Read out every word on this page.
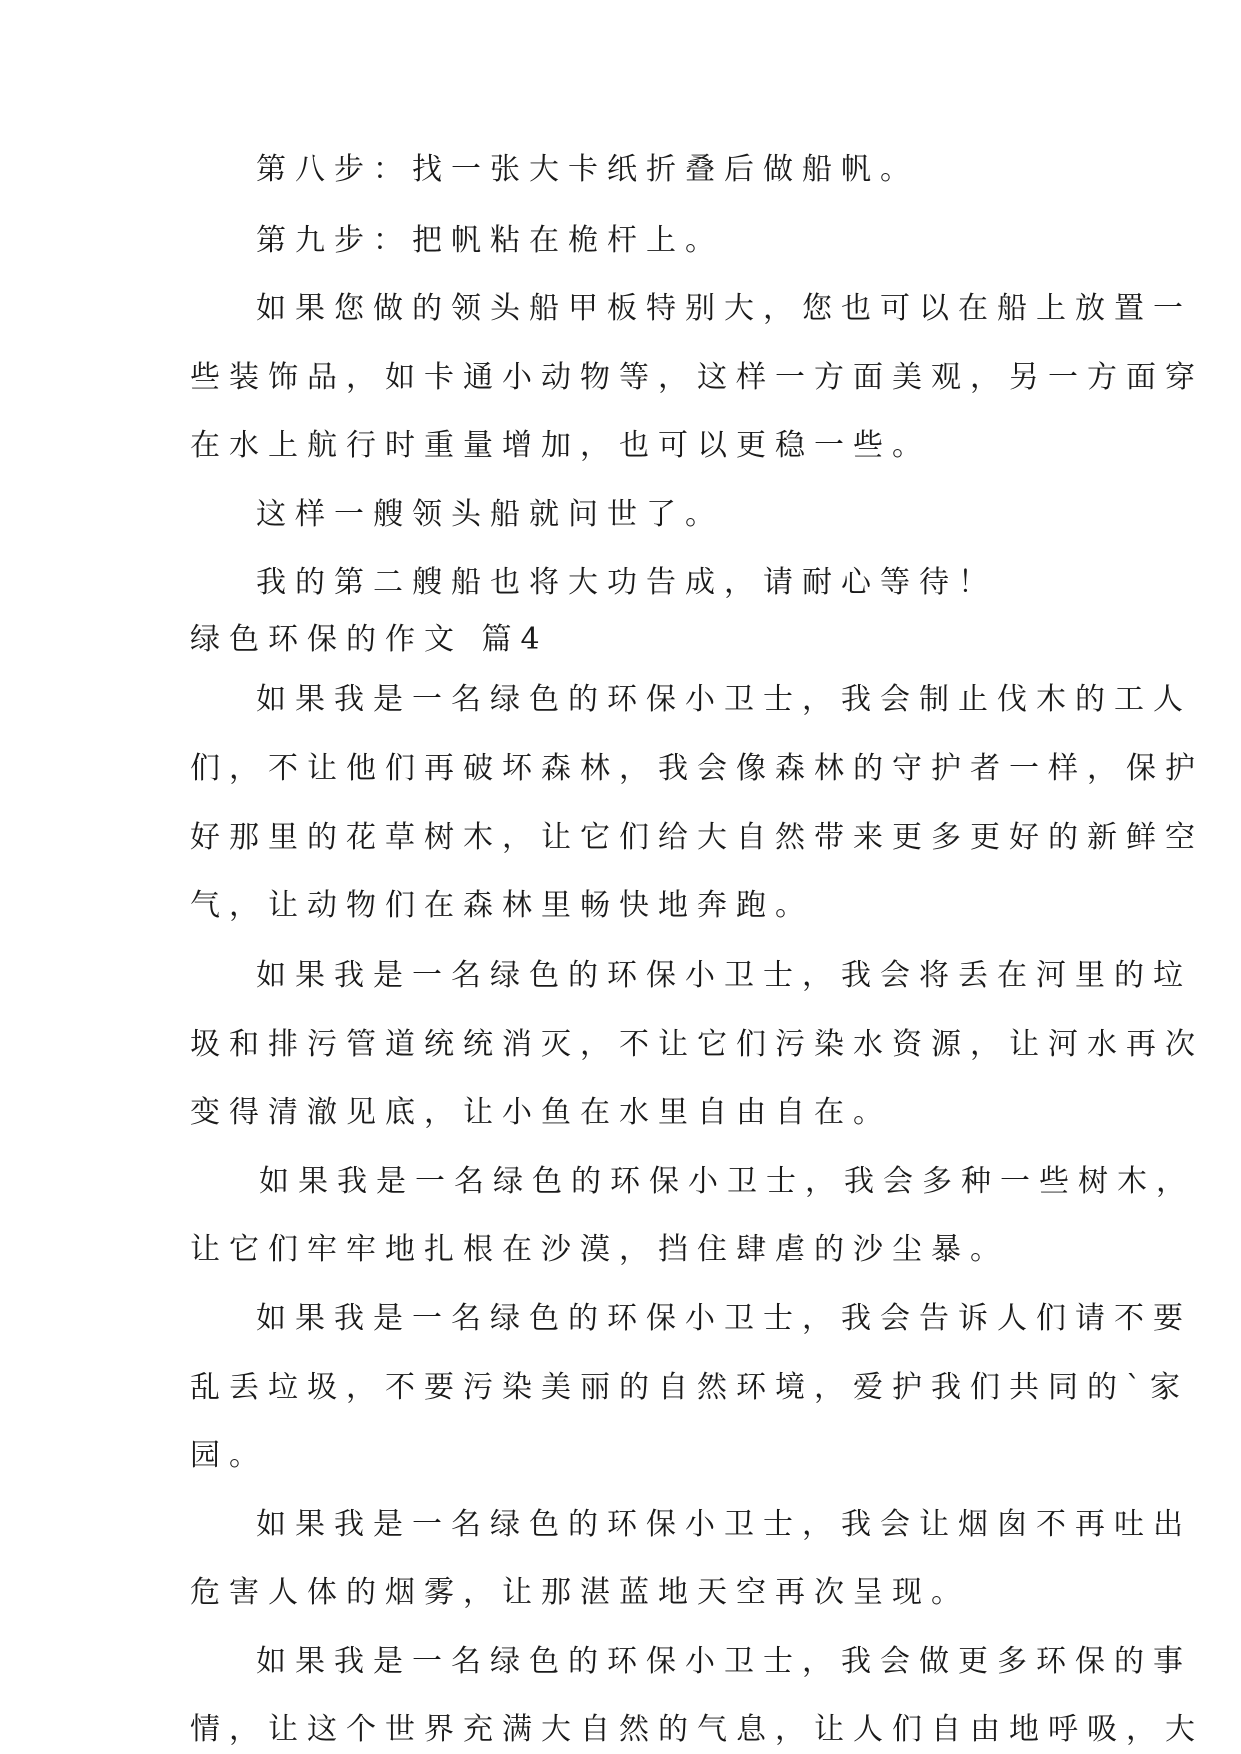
第八步：找一张大卡纸折叠后做船帆。
第九步：把帆粘在桅杆上。
如果您做的领头船甲板特别大，您也可以在船上放置一
些装饰品，如卡通小动物等，这样一方面美观，另一方面穿
在水上航行时重量增加，也可以更稳一些。
这样一艘领头船就问世了。
我的第二艘船也将大功告成，请耐心等待！
绿色环保的作文 篇4
如果我是一名绿色的环保小卫士，我会制止伐木的工人
们，不让他们再破坏森林，我会像森林的守护者一样，保护
好那里的花草树木，让它们给大自然带来更多更好的新鲜空
气，让动物们在森林里畅快地奔跑。
如果我是一名绿色的环保小卫士，我会将丢在河里的垃
圾和排污管道统统消灭，不让它们污染水资源，让河水再次
变得清澈见底，让小鱼在水里自由自在。
如果我是一名绿色的环保小卫士，我会多种一些树木，
让它们牢牢地扎根在沙漠，挡住肆虐的沙尘暴。
如果我是一名绿色的环保小卫士，我会告诉人们请不要
乱丢垃圾，不要污染美丽的自然环境，爱护我们共同的`家
园。
如果我是一名绿色的环保小卫士，我会让烟囱不再吐出
危害人体的烟雾，让那湛蓝地天空再次呈现。
如果我是一名绿色的环保小卫士，我会做更多环保的事
情，让这个世界充满大自然的气息，让人们自由地呼吸，大
